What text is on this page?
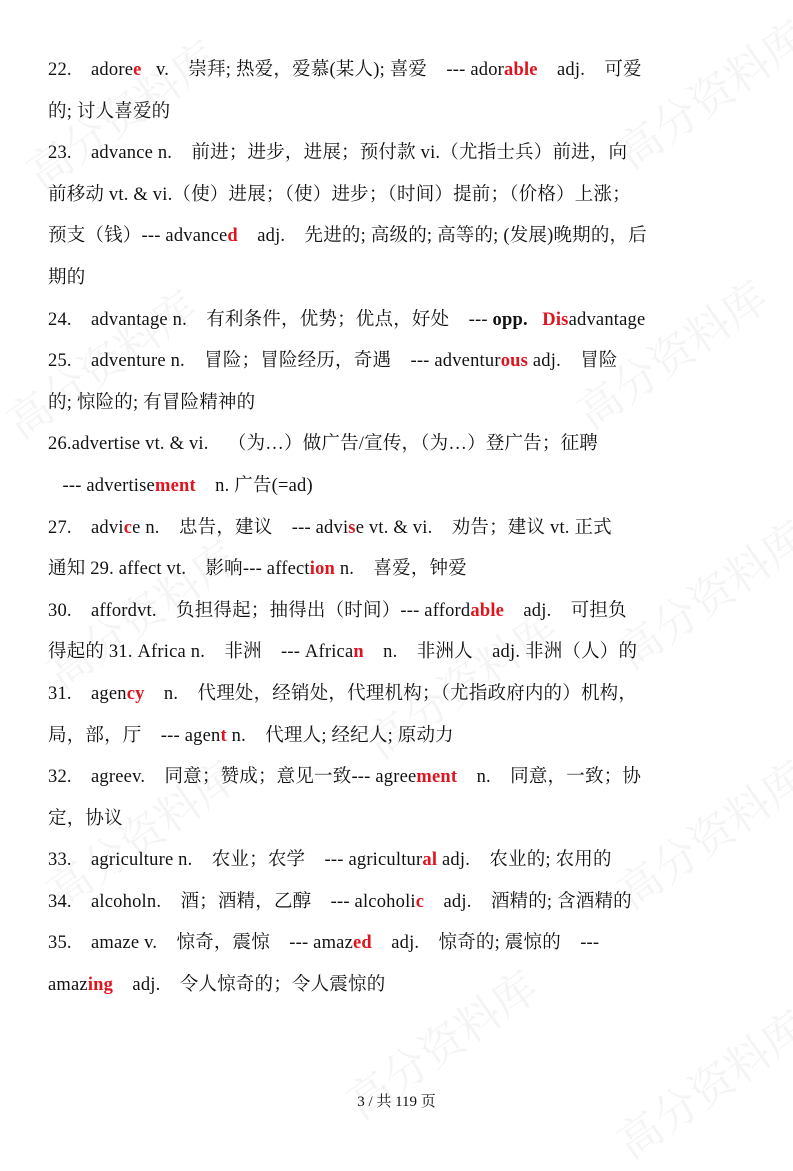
22.    adoree   v.    崇拜; 热爱，爱慕(某人); 喜爱    --- adorable    adj.    可爱
的; 讨人喜爱的
23.    advance n.    前进；进步，进展；预付款 vi.（尤指士兵）前进，向
前移动 vt. & vi.（使）进展；（使）进步；（时间）提前；（价格）上涨；
预支（钱）--- advanced    adj.    先进的; 高级的; 高等的; (发展)晚期的，后
期的
24.    advantage n.    有利条件，优势；优点，好处    --- opp. Disadvantage
25.    adventure n.    冒险；冒险经历，奇遇    --- adventurous adj.    冒险
的; 惊险的; 有冒险精神的
26.advertise vt. & vi.    （为…）做广告/宣传，（为…）登广告；征聘
--- advertisement    n. 广告(=ad)
27.    advice n.    忠告，建议    --- advise vt. & vi.    劝告；建议 vt. 正式
通知 29. affect vt.    影响--- affection n.    喜爱，钟爱
30.    affordvt.    负担得起；抽得出（时间）--- affordable    adj.    可担负
得起的 31. Africa n.    非洲    --- African    n.    非洲人    adj. 非洲（人）的
31.    agency    n.    代理处，经销处，代理机构；（尤指政府内的）机构，
局，部，厅    --- agent n.    代理人; 经纪人; 原动力
32.    agreev.    同意；赞成；意见一致--- agreement    n.    同意，一致；协
定，协议
33.    agriculture n.    农业；农学    --- agricultural adj.    农业的; 农用的
34.    alcoholn.    酒；酒精，乙醇    --- alcoholic    adj.    酒精的; 含酒精的
35.    amaze v.    惊奇，震惊    --- amazed    adj.    惊奇的; 震惊的    ---
amazing    adj.    令人惊奇的；令人震惊的
3 / 共 119 页
